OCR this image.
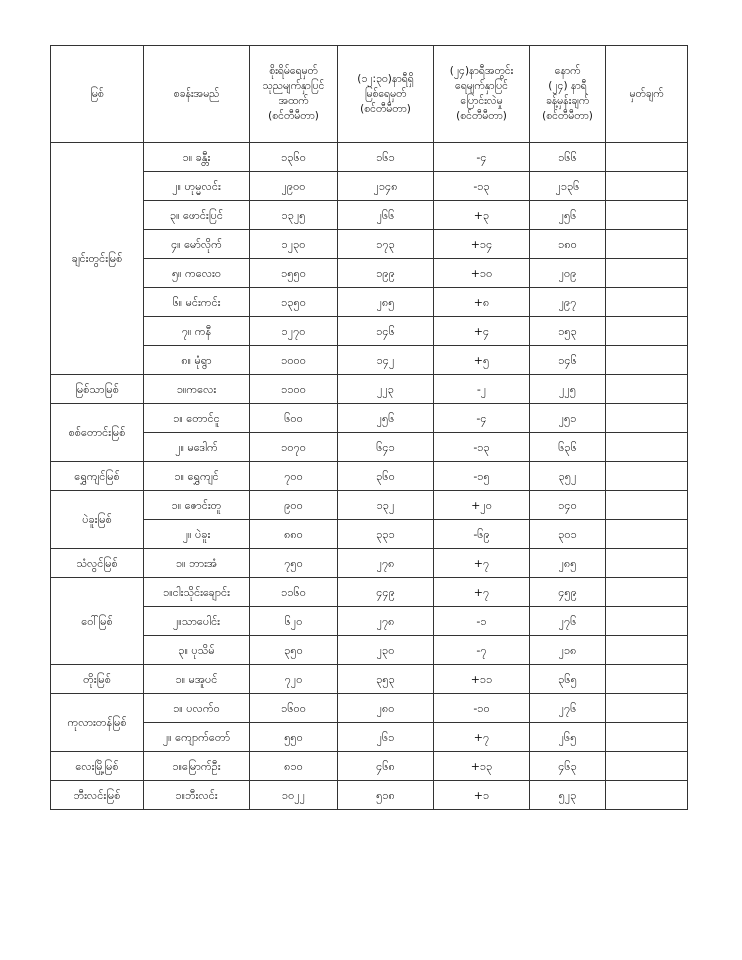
မြစ်	စခန်းအမည်	စိုးရိမ်ရေမှတ်
သုညမျက်နှာပြင်
အထက်
(စင်တီမီတာ)	(၁၂:၃၀)နာရီရှိ
မြစ်ရေမှတ်
(စင်တီမီတာ)	(၂၄)နာရီအတွင်း
ရေမျက်နှာပြင်
ပြောင်းလဲမှု
(စင်တီမီတာ)	နောက်
(၂၄) နာရီ
ခန့်မှန်းချက်
(စင်တီမီတာ)	မှတ်ချက်
ချင်းတွင်းမြစ်	၁။ ခန္တီး	၁၃၆၀	၁၆၁	-၄	၁၆၆	
	၂။ ဟုမ္မလင်း	၂၉၀၀	၂၁၄၈	-၁၃	၂၁၃၆	
	၃။ ဖောင်းပြင်	၁၃၂၅	၂၆၆	+၃	၂၅၆	
	၄။ မော်လိုက်	၁၂၃၀	၁၇၃	+၁၄	၁၈၀	
	၅။ ကလေးဝ	၁၅၅၀	၁၉၉	+၁၀	၂၀၉	
	၆။ မင်းကင်း	၁၃၅၀	၂၈၅	+၈	၂၉၇	
	၇။ ကနီ	၁၂၇၀	၁၄၆	+၄	၁၅၃	
	၈။ မုံရွာ	၁၀၀၀	၁၄၂	+၅	၁၄၆	
မြစ်သာမြစ်	၁။ကလေး	၁၁၀၀	၂၂၃	-၂	၂၂၅	
စစ်တောင်းမြစ်	၁။ တောင်ငူ	၆၀၀	၂၅၆	-၄	၂၅၁	
	၂။ မဒေါက်	၁၀၇၀	၆၄၁	-၁၃	၆၃၆	
ရွှေကျင်မြစ်	၁။ ရွှေကျင်	၇၀၀	၃၆၀	-၁၅	၃၅၂	
ပဲခူးမြစ်	၁။ ဇောင်းတူ	၉၀၀	၁၃၂	+၂၀	၁၄၀	
	၂။ ပဲခူး	၈၈၀	၃၃၁	-၆၉	၃၀၁	
သံလွင်မြစ်	၁။ ဘားအံ	၇၅၀	၂၇၈	+၇	၂၈၅	
ဝေါ်မြစ်	၁။ငါးသိုင်းချောင်း	၁၁၆၀	၄၄၉	+၇	၄၅၉	
	၂။သာပေါင်း	၆၂၀	၂၇၈	-၁	၂၇၆	
	၃။ ပုသိမ်	၃၅၀	၂၃၀	-၇	၂၁၈	
တိုးမြစ်	၁။ မအူပင်	၇၂၀	၃၅၃	+၁၁	၃၆၅	
ကုလားတန်မြစ်	၁။ ပလက်ဝ	၁၆၀၀	၂၈၀	-၁၀	၂၇၆	
	၂။ ကျောက်တော်	၅၅၀	၂၆၁	+၇	၂၆၅	
လေးမြို့မြစ်	၁။မြောက်ဦး	၈၁၀	၄၆၈	+၁၃	၄၆၃	
ဘီးလင်းမြစ်	၁။ဘီးလင်း	၁၀၂၂	၅၁၈	+၁	၅၂၃	
